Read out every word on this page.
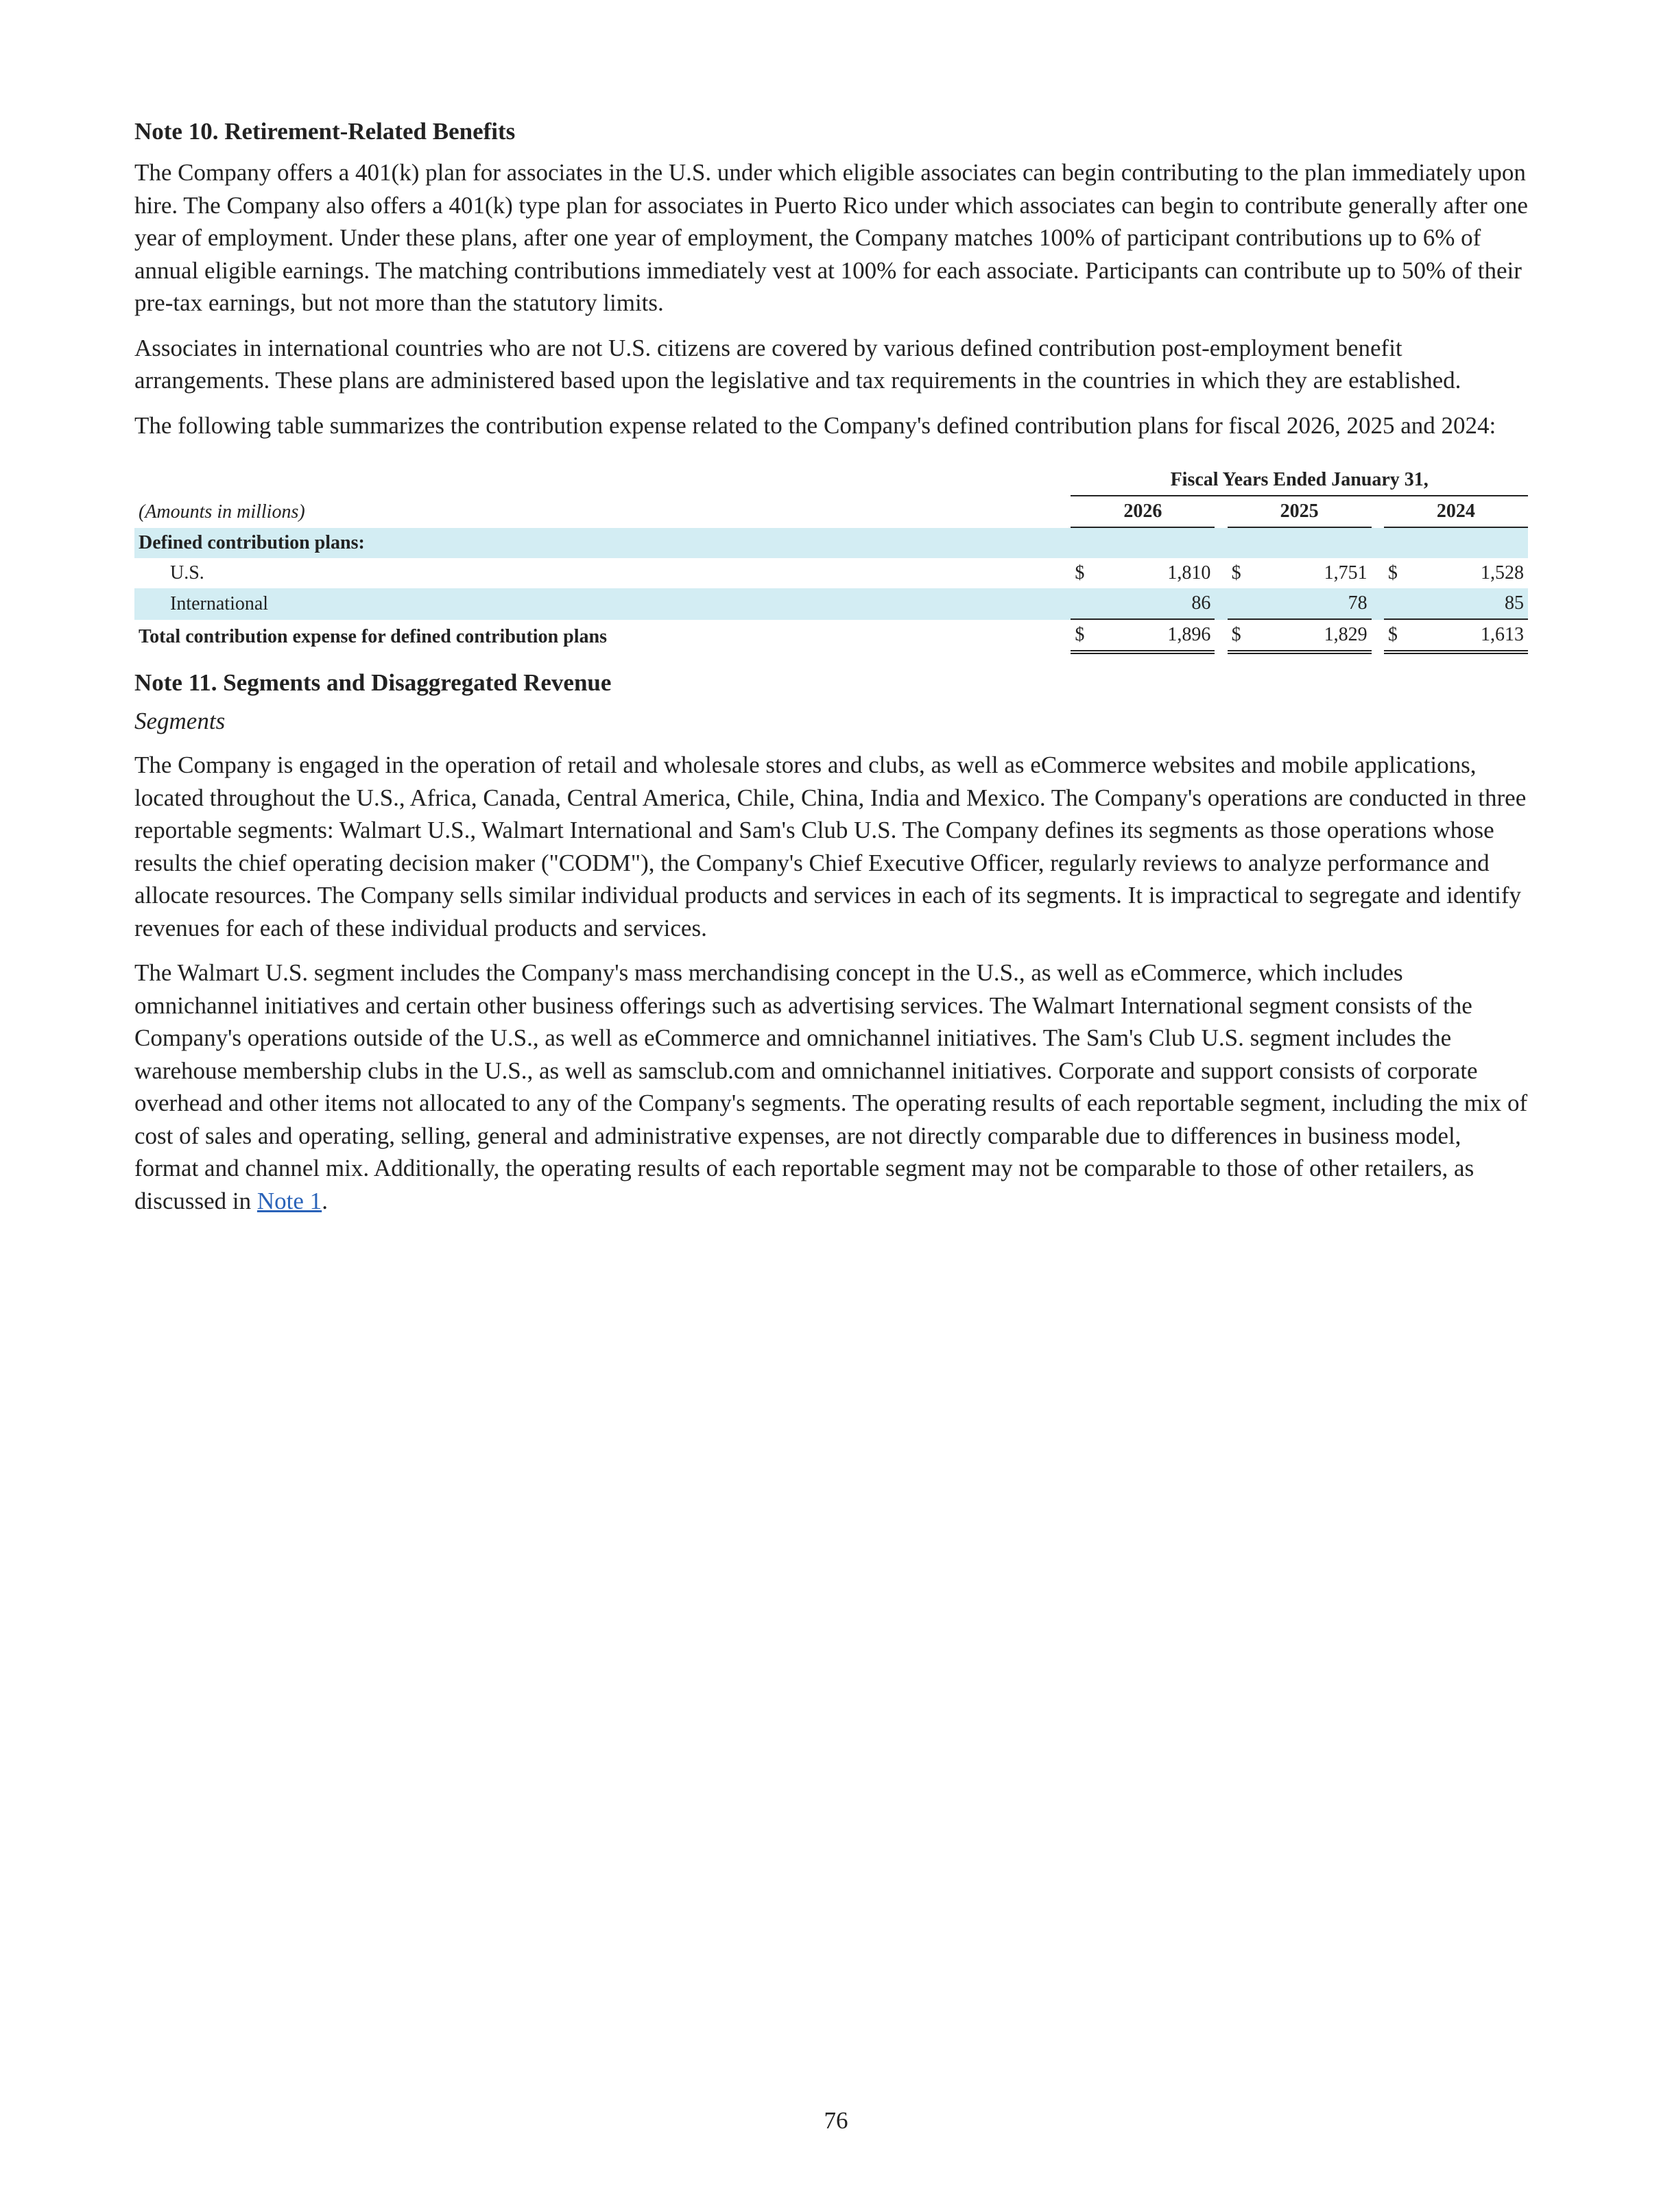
Note 10. Retirement-Related Benefits

The Company offers a 401(k) plan for associates in the U.S. under which eligible associates can begin contributing to the plan immediately upon hire. The Company also offers a 401(k) type plan for associates in Puerto Rico under which associates can begin to contribute generally after one year of employment. Under these plans, after one year of employment, the Company matches 100% of participant contributions up to 6% of annual eligible earnings. The matching contributions immediately vest at 100% for each associate. Participants can contribute up to 50% of their pre-tax earnings, but not more than the statutory limits.

Associates in international countries who are not U.S. citizens are covered by various defined contribution post-employment benefit arrangements. These plans are administered based upon the legislative and tax requirements in the countries in which they are established.

The following table summarizes the contribution expense related to the Company's defined contribution plans for fiscal 2026, 2025 and 2024:

	Fiscal Years Ended January 31,							
(Amounts in millions)	2026			2025			2024	
Defined contribution plans:								
U.S.	$	1,810		$	1,751		$	1,528
International		86			78			85
Total contribution expense for defined contribution plans	$	1,896		$	1,829		$	1,613
Note 11. Segments and Disaggregated Revenue
Segments

The Company is engaged in the operation of retail and wholesale stores and clubs, as well as eCommerce websites and mobile applications, located throughout the U.S., Africa, Canada, Central America, Chile, China, India and Mexico. The Company's operations are conducted in three reportable segments: Walmart U.S., Walmart International and Sam's Club U.S. The Company defines its segments as those operations whose results the chief operating decision maker ("CODM"), the Company's Chief Executive Officer, regularly reviews to analyze performance and allocate resources. The Company sells similar individual products and services in each of its segments. It is impractical to segregate and identify revenues for each of these individual products and services.

The Walmart U.S. segment includes the Company's mass merchandising concept in the U.S., as well as eCommerce, which includes omnichannel initiatives and certain other business offerings such as advertising services. The Walmart International segment consists of the Company's operations outside of the U.S., as well as eCommerce and omnichannel initiatives. The Sam's Club U.S. segment includes the warehouse membership clubs in the U.S., as well as samsclub.com and omnichannel initiatives. Corporate and support consists of corporate overhead and other items not allocated to any of the Company's segments. The operating results of each reportable segment, including the mix of cost of sales and operating, selling, general and administrative expenses, are not directly comparable due to differences in business model, format and channel mix. Additionally, the operating results of each reportable segment may not be comparable to those of other retailers, as discussed in Note 1.

76
